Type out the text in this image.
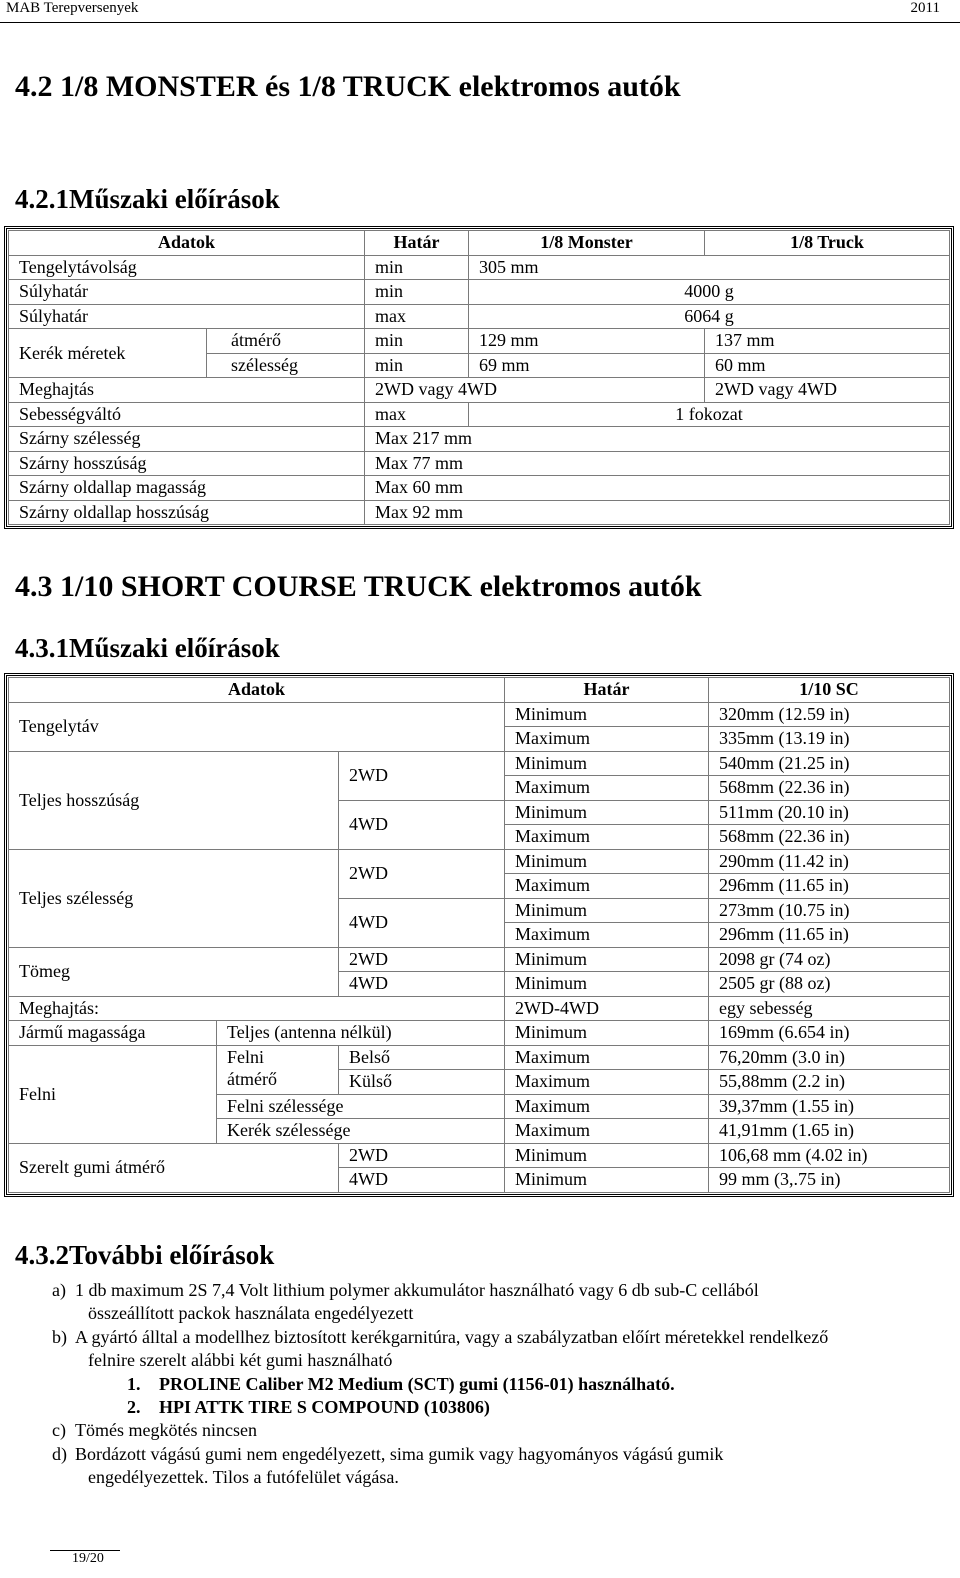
MAB Terepversenyek	2011
4.2 1/8 MONSTER és 1/8 TRUCK elektromos autók
4.2.1Műszaki előírások
Adatok		Határ	1/8 Monster	1/8 Truck
Tengelytávolság		min	305 mm	
Súlyhatár		min	4000 g	
Súlyhatár		max	6064 g	
Kerék méretek	átmérő	min	129 mm	137 mm
	szélesség	min	69 mm	60 mm
Meghajtás		2WD vagy 4WD		2WD vagy 4WD
Sebességváltó		max	1 fokozat	
Szárny szélesség		Max 217 mm		
Szárny hosszúság		Max 77 mm		
Szárny oldallap magasság		Max 60 mm		
Szárny oldallap hosszúság		Max 92 mm		
4.3 1/10 SHORT COURSE TRUCK elektromos autók
4.3.1Műszaki előírások
Adatok			Határ	1/10 SC
Tengelytáv			Minimum	320mm (12.59 in)
			Maximum	335mm (13.19 in)
Teljes hosszúság		2WD	Minimum	540mm (21.25 in)
			Maximum	568mm (22.36 in)
		4WD	Minimum	511mm (20.10 in)
			Maximum	568mm (22.36 in)
Teljes szélesség		2WD	Minimum	290mm (11.42 in)
			Maximum	296mm (11.65 in)
		4WD	Minimum	273mm (10.75 in)
			Maximum	296mm (11.65 in)
Tömeg		2WD	Minimum	2098 gr (74 oz)
		4WD	Minimum	2505 gr (88 oz)
Meghajtás:			2WD-4WD	egy sebesség
Jármű magassága	Teljes (antenna nélkül)		Minimum	169mm (6.654 in)
Felni	Felni	Belső	Maximum	76,20mm (3.0 in)
	átmérő	Külső	Maximum	55,88mm (2.2 in)
	Felni szélessége		Maximum	39,37mm (1.55 in)
	Kerék szélessége		Maximum	41,91mm (1.65 in)
Szerelt gumi átmérő		2WD	Minimum	106,68 mm (4.02 in)
		4WD	Minimum	99 mm (3,.75 in)
4.3.2További előírások
a) 1 db maximum 2S 7,4 Volt lithium polymer akkumulátor használható vagy 6 db sub-C cellából
összeállított packok használata engedélyezett
b) A gyártó álltal a modellhez biztosított kerékgarnitúra, vagy a szabályzatban előírt méretekkel rendelkező
felnire szerelt alábbi két gumi használható
1. PROLINE Caliber M2 Medium (SCT) gumi (1156-01) használható.
2. HPI ATTK TIRE S COMPOUND (103806)
c) Tömés megkötés nincsen
d) Bordázott vágású gumi nem engedélyezett, sima gumik vagy hagyományos vágású gumik
engedélyezettek. Tilos a futófelület vágása.
19/20
